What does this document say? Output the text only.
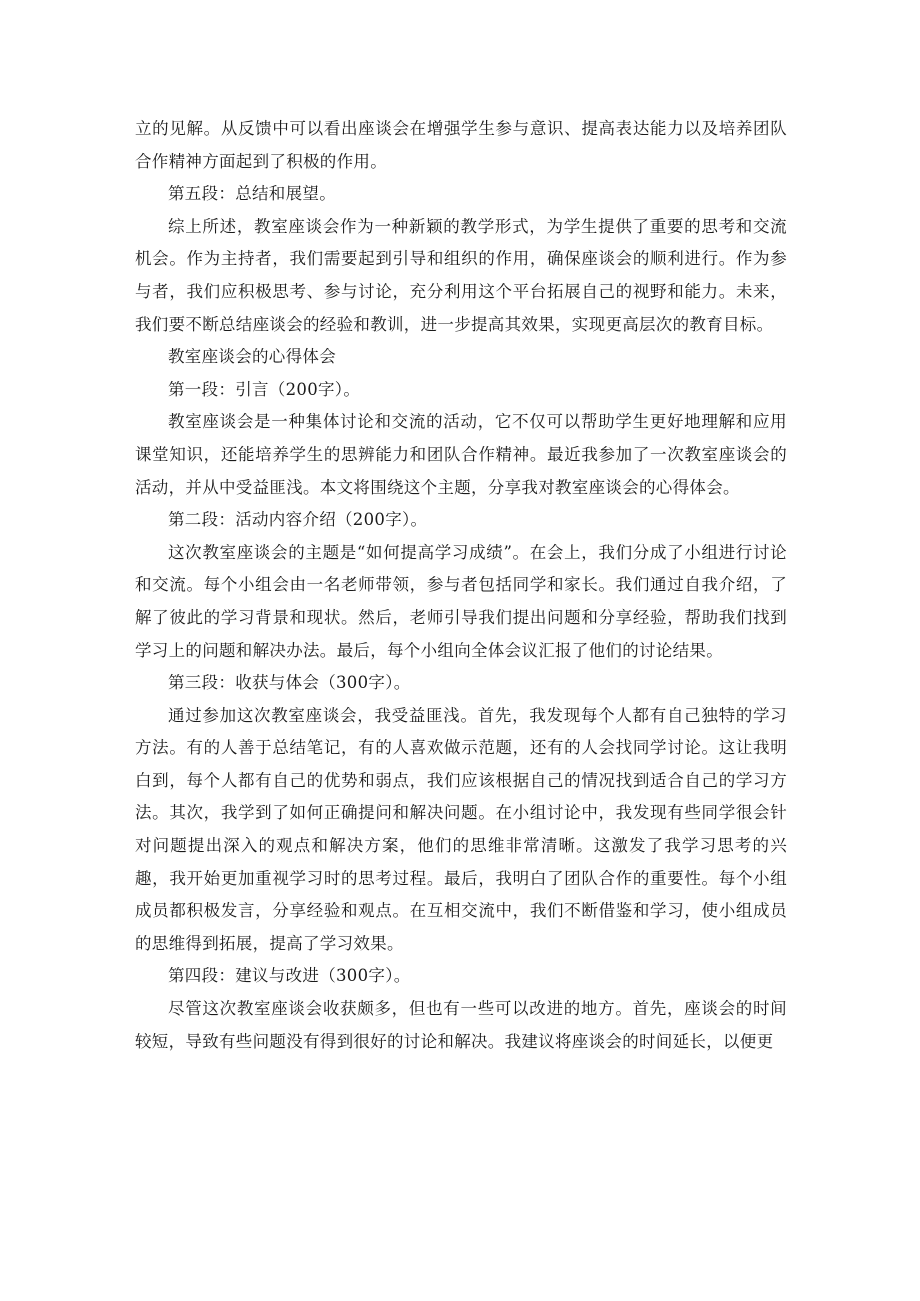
立的见解。从反馈中可以看出座谈会在增强学生参与意识、提高表达能力以及培养团队合作精神方面起到了积极的作用。

第五段：总结和展望。

综上所述，教室座谈会作为一种新颖的教学形式，为学生提供了重要的思考和交流机会。作为主持者，我们需要起到引导和组织的作用，确保座谈会的顺利进行。作为参与者，我们应积极思考、参与讨论，充分利用这个平台拓展自己的视野和能力。未来，我们要不断总结座谈会的经验和教训，进一步提高其效果，实现更高层次的教育目标。

教室座谈会的心得体会

第一段：引言（200字）。

教室座谈会是一种集体讨论和交流的活动，它不仅可以帮助学生更好地理解和应用课堂知识，还能培养学生的思辨能力和团队合作精神。最近我参加了一次教室座谈会的活动，并从中受益匪浅。本文将围绕这个主题，分享我对教室座谈会的心得体会。

第二段：活动内容介绍（200字）。

这次教室座谈会的主题是“如何提高学习成绩”。在会上，我们分成了小组进行讨论和交流。每个小组会由一名老师带领，参与者包括同学和家长。我们通过自我介绍，了解了彼此的学习背景和现状。然后，老师引导我们提出问题和分享经验，帮助我们找到学习上的问题和解决办法。最后，每个小组向全体会议汇报了他们的讨论结果。

第三段：收获与体会（300字）。

通过参加这次教室座谈会，我受益匪浅。首先，我发现每个人都有自己独特的学习方法。有的人善于总结笔记，有的人喜欢做示范题，还有的人会找同学讨论。这让我明白到，每个人都有自己的优势和弱点，我们应该根据自己的情况找到适合自己的学习方法。其次，我学到了如何正确提问和解决问题。在小组讨论中，我发现有些同学很会针对问题提出深入的观点和解决方案，他们的思维非常清晰。这激发了我学习思考的兴趣，我开始更加重视学习时的思考过程。最后，我明白了团队合作的重要性。每个小组成员都积极发言，分享经验和观点。在互相交流中，我们不断借鉴和学习，使小组成员的思维得到拓展，提高了学习效果。

第四段：建议与改进（300字）。

尽管这次教室座谈会收获颇多，但也有一些可以改进的地方。首先，座谈会的时间较短，导致有些问题没有得到很好的讨论和解决。我建议将座谈会的时间延长，以便更
